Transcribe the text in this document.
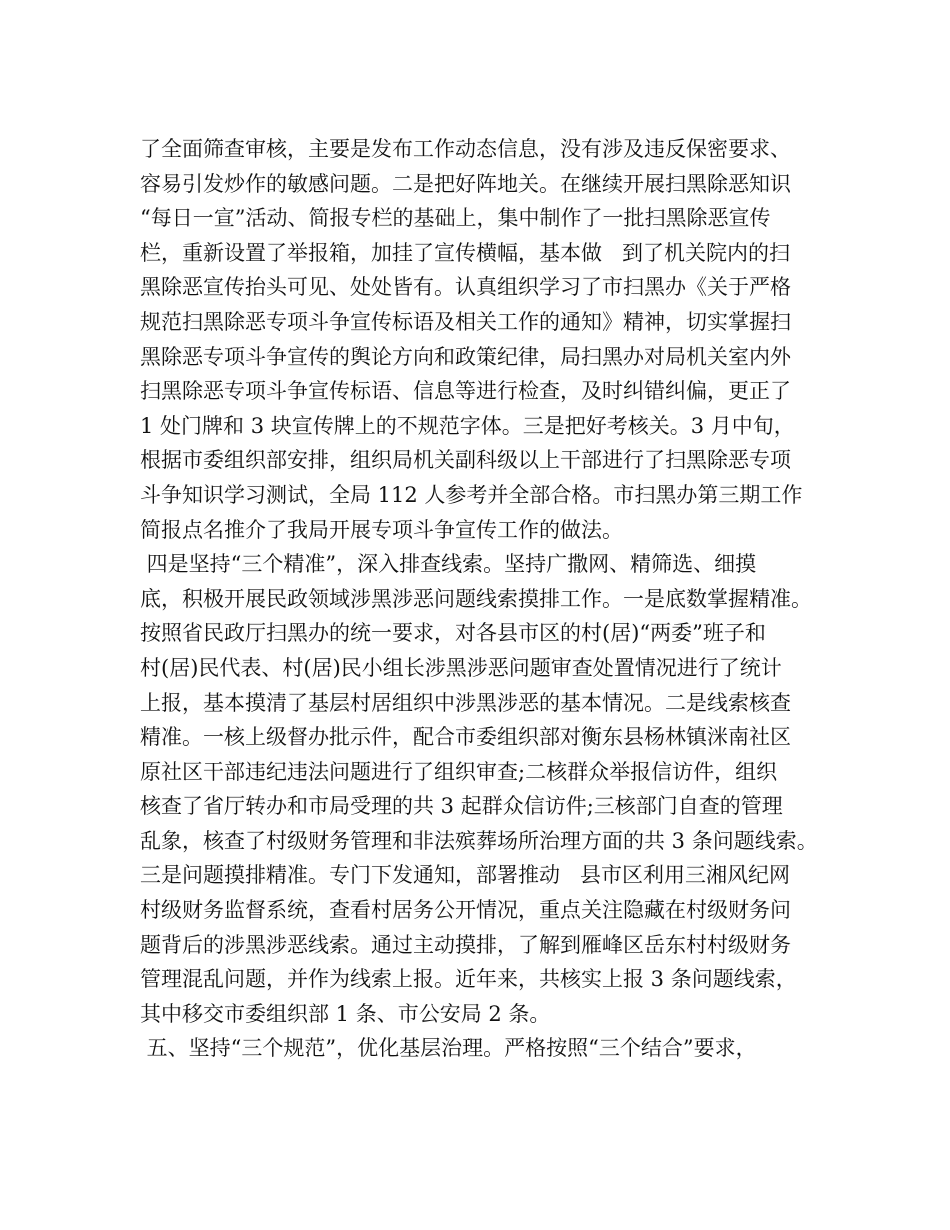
了全面筛查审核，主要是发布工作动态信息，没有涉及违反保密要求、
容易引发炒作的敏感问题。二是把好阵地关。在继续开展扫黑除恶知识
“每日一宣”活动、简报专栏的基础上，集中制作了一批扫黑除恶宣传
栏，重新设置了举报箱，加挂了宣传横幅，基本做   到了机关院内的扫
黑除恶宣传抬头可见、处处皆有。认真组织学习了市扫黑办《关于严格
规范扫黑除恶专项斗争宣传标语及相关工作的通知》精神，切实掌握扫
黑除恶专项斗争宣传的舆论方向和政策纪律，局扫黑办对局机关室内外
扫黑除恶专项斗争宣传标语、信息等进行检查，及时纠错纠偏，更正了
1 处门牌和 3 块宣传牌上的不规范字体。三是把好考核关。3 月中旬，
根据市委组织部安排，组织局机关副科级以上干部进行了扫黑除恶专项
斗争知识学习测试，全局 112 人参考并全部合格。市扫黑办第三期工作
简报点名推介了我局开展专项斗争宣传工作的做法。
四是坚持“三个精准”，深入排查线索。坚持广撒网、精筛选、细摸
底，积极开展民政领域涉黑涉恶问题线索摸排工作。一是底数掌握精准。
按照省民政厅扫黑办的统一要求，对各县市区的村(居)“两委”班子和
村(居)民代表、村(居)民小组长涉黑涉恶问题审查处置情况进行了统计
上报，基本摸清了基层村居组织中涉黑涉恶的基本情况。二是线索核查
精准。一核上级督办批示件，配合市委组织部对衡东县杨林镇洣南社区
原社区干部违纪违法问题进行了组织审查;二核群众举报信访件，组织
核查了省厅转办和市局受理的共 3 起群众信访件;三核部门自查的管理
乱象，核查了村级财务管理和非法殡葬场所治理方面的共 3 条问题线索。
三是问题摸排精准。专门下发通知，部署推动   县市区利用三湘风纪网
村级财务监督系统，查看村居务公开情况，重点关注隐藏在村级财务问
题背后的涉黑涉恶线索。通过主动摸排，了解到雁峰区岳东村村级财务
管理混乱问题，并作为线索上报。近年来，共核实上报 3 条问题线索，
其中移交市委组织部 1 条、市公安局 2 条。
五、坚持“三个规范”，优化基层治理。严格按照“三个结合”要求，
